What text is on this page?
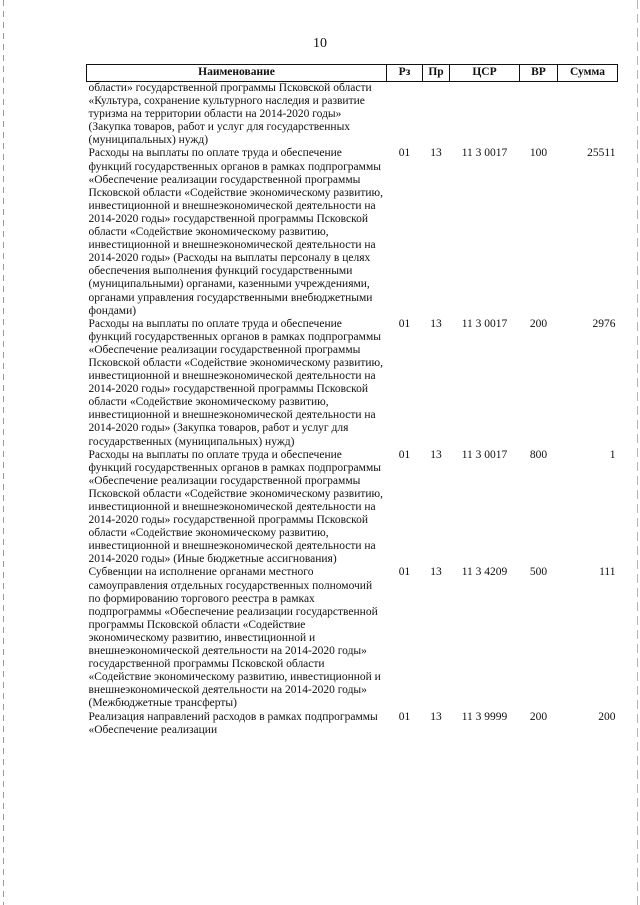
10
Наименование	Рз	Пр	ЦСР	ВР	Сумма
области» государственной программы Псковской области «Культура, сохранение культурного наследия и развитие туризма на территории области на 2014-2020 годы» (Закупка товаров, работ и услуг для государственных (муниципальных) нужд)					
Расходы на выплаты по оплате труда и обеспечение функций государственных органов в рамках подпрограммы «Обеспечение реализации государственной программы Псковской области «Содействие экономическому развитию, инвестиционной и внешнеэкономической деятельности на 2014-2020 годы» государственной программы Псковской области «Содействие экономическому развитию, инвестиционной и внешнеэкономической деятельности на 2014-2020 годы» (Расходы на выплаты персоналу в целях обеспечения выполнения функций государственными (муниципальными) органами, казенными учреждениями, органами управления государственными внебюджетными фондами)	01	13	11 3 0017	100	25511
Расходы на выплаты по оплате труда и обеспечение функций государственных органов в рамках подпрограммы «Обеспечение реализации государственной программы Псковской области «Содействие экономическому развитию, инвестиционной и внешнеэкономической деятельности на 2014-2020 годы» государственной программы Псковской области «Содействие экономическому развитию, инвестиционной и внешнеэкономической деятельности на 2014-2020 годы» (Закупка товаров, работ и услуг для государственных (муниципальных) нужд)	01	13	11 3 0017	200	2976
Расходы на выплаты по оплате труда и обеспечение функций государственных органов в рамках подпрограммы «Обеспечение реализации государственной программы Псковской области «Содействие экономическому развитию, инвестиционной и внешнеэкономической деятельности на 2014-2020 годы» государственной программы Псковской области «Содействие экономическому развитию, инвестиционной и внешнеэкономической деятельности на 2014-2020 годы» (Иные бюджетные ассигнования)	01	13	11 3 0017	800	1
Субвенции на исполнение органами местного самоуправления отдельных государственных полномочий по формированию торгового реестра в рамках подпрограммы «Обеспечение реализации государственной программы Псковской области «Содействие экономическому развитию, инвестиционной и внешнеэкономической деятельности на 2014-2020 годы» государственной программы Псковской области «Содействие экономическому развитию, инвестиционной и внешнеэкономической деятельности на 2014-2020 годы» (Межбюджетные трансферты)	01	13	11 3 4209	500	111
Реализация направлений расходов в рамках подпрограммы «Обеспечение реализации	01	13	11 3 9999	200	200
